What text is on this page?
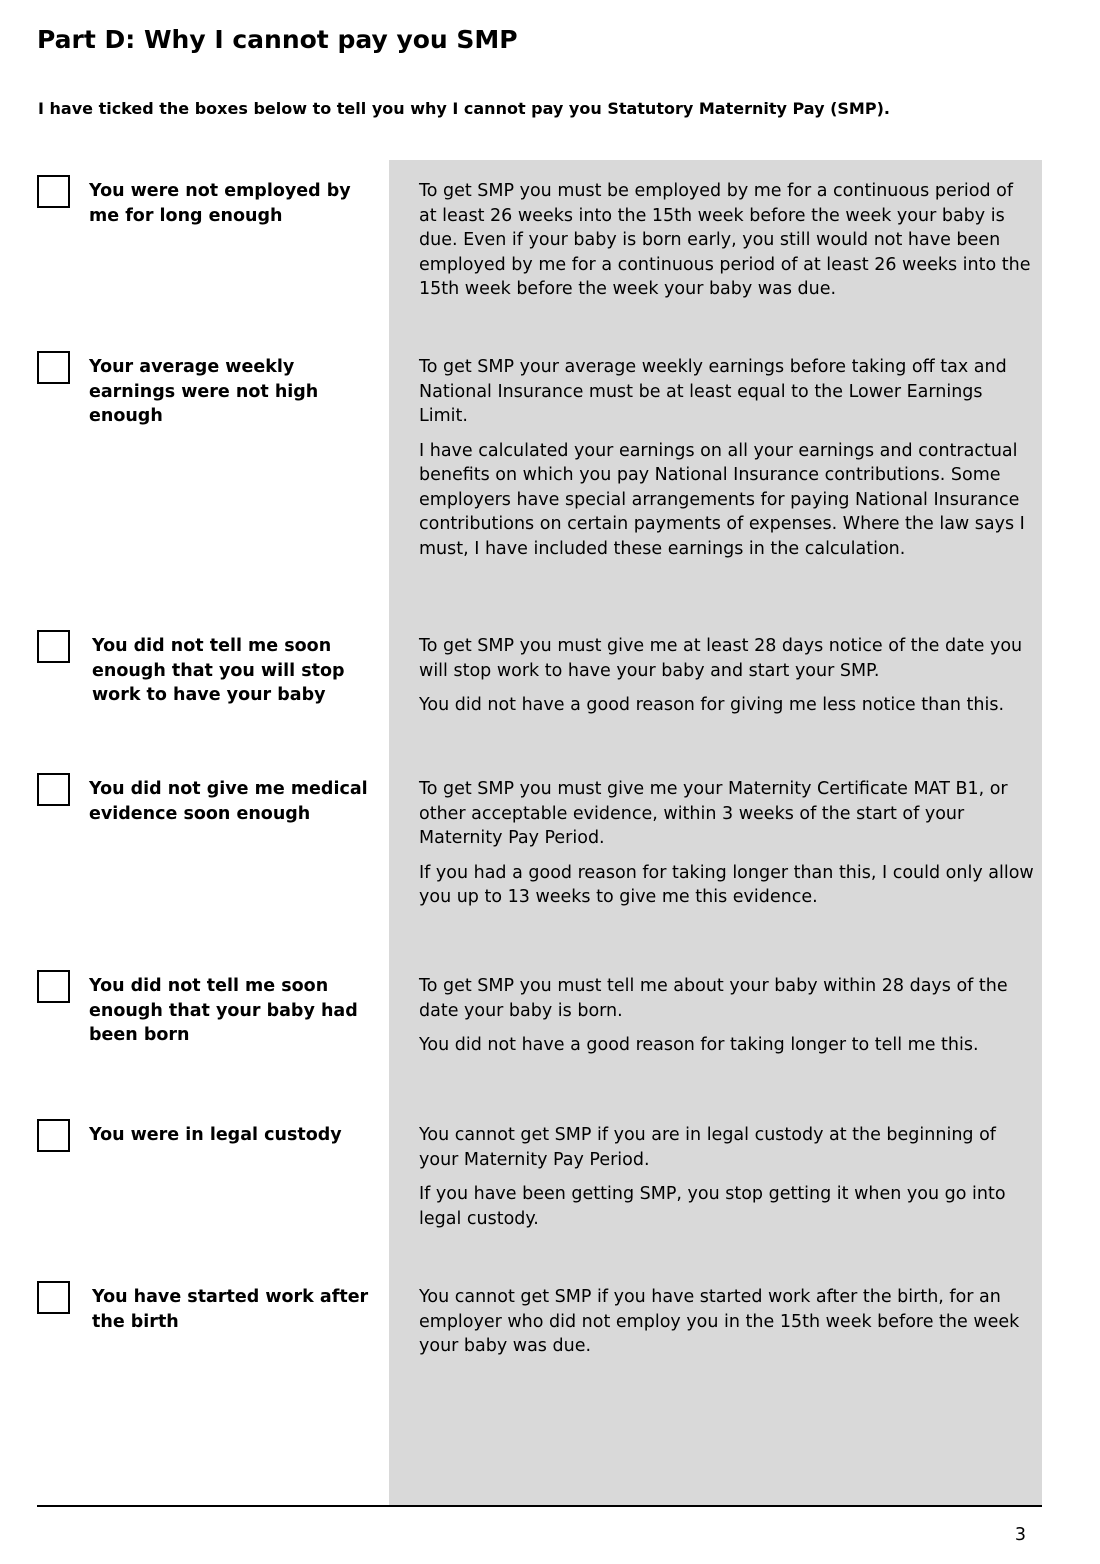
Part D: Why I cannot pay you SMP

I have ticked the boxes below to tell you why I cannot pay you Statutory Maternity Pay (SMP).

You were not employed by me for long enough

To get SMP you must be employed by me for a continuous period of at least 26 weeks into the 15th week before the week your baby is due. Even if your baby is born early, you still would not have been employed by me for a continuous period of at least 26 weeks into the 15th week before the week your baby was due.

Your average weekly earnings were not high enough

To get SMP your average weekly earnings before taking off tax and National Insurance must be at least equal to the Lower Earnings Limit.

I have calculated your earnings on all your earnings and contractual benefits on which you pay National Insurance contributions. Some employers have special arrangements for paying National Insurance contributions on certain payments of expenses. Where the law says I must, I have included these earnings in the calculation.

You did not tell me soon enough that you will stop work to have your baby

To get SMP you must give me at least 28 days notice of the date you will stop work to have your baby and start your SMP.

You did not have a good reason for giving me less notice than this.

You did not give me medical evidence soon enough

To get SMP you must give me your Maternity Certificate MAT B1, or other acceptable evidence, within 3 weeks of the start of your Maternity Pay Period.

If you had a good reason for taking longer than this, I could only allow you up to 13 weeks to give me this evidence.

You did not tell me soon enough that your baby had been born

To get SMP you must tell me about your baby within 28 days of the date your baby is born.

You did not have a good reason for taking longer to tell me this.

You were in legal custody	You cannot get SMP if you are in legal custody at the beginning of your Maternity Pay Period.

If you have been getting SMP, you stop getting it when you go into legal custody.

You have started work after the birth

You cannot get SMP if you have started work after the birth, for an employer who did not employ you in the 15th week before the week your baby was due.

3
